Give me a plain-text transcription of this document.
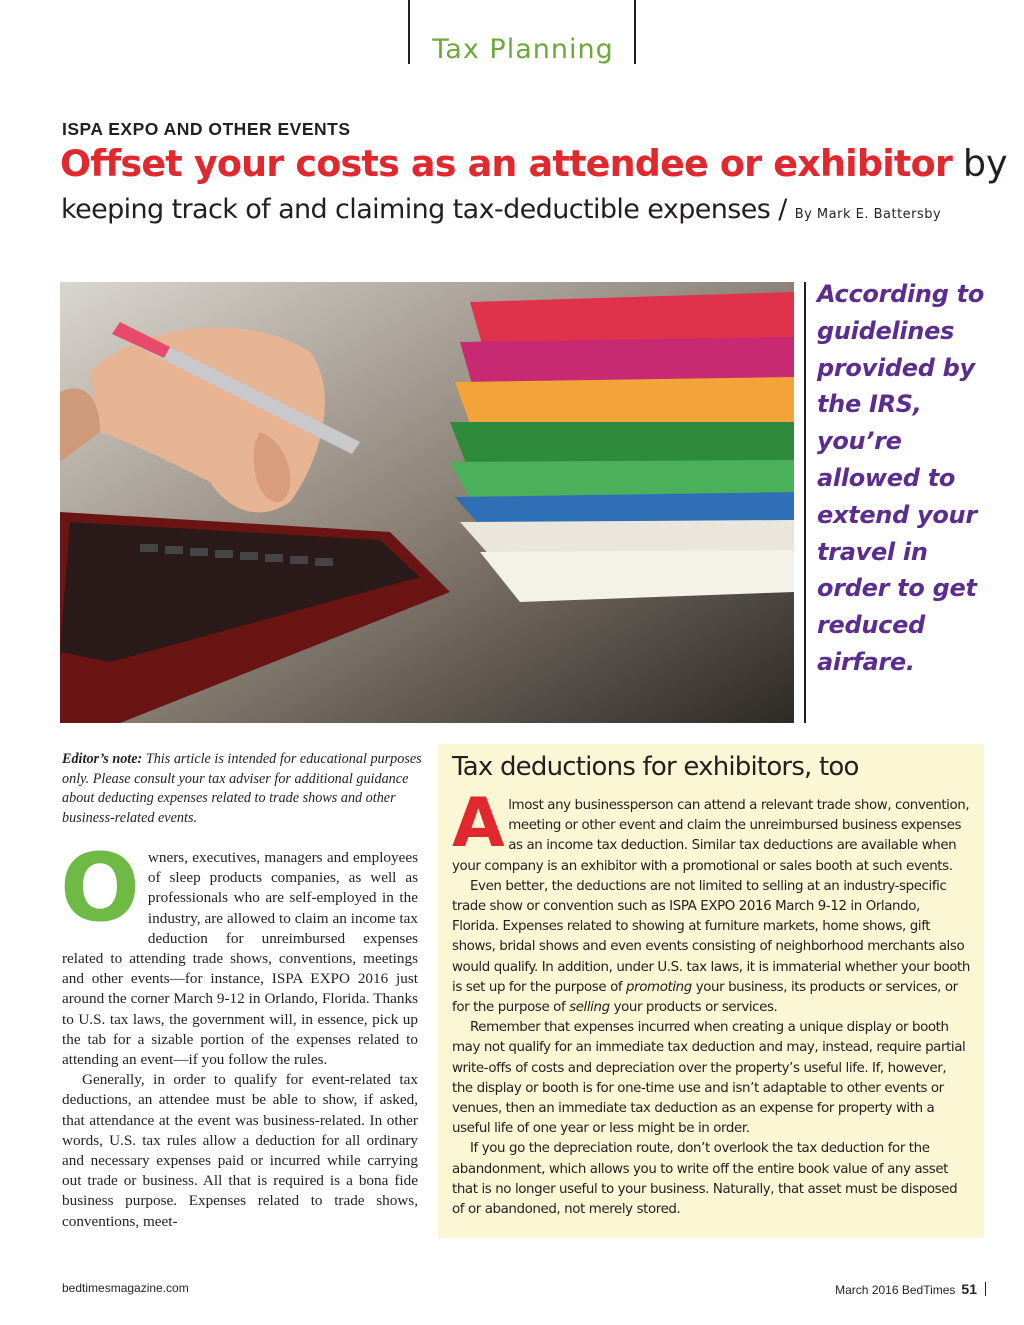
Tax Planning
ISPA EXPO AND OTHER EVENTS
Offset your costs as an attendee or exhibitor by
keeping track of and claiming tax-deductible expenses / By Mark E. Battersby
According to guidelines provided by the IRS, you’re allowed to extend your travel in order to get reduced airfare.
Editor’s note: This article is intended for educational purposes only. Please consult your tax adviser for additional guidance about deducting expenses related to trade shows and other business-related events.

Owners, executives, managers and employees of sleep products companies, as well as professionals who are self-employed in the industry, are allowed to claim an income tax deduction for unreimbursed expenses related to attending trade shows, conventions, meetings and other events—for instance, ISPA EXPO 2016 just around the corner March 9-12 in Orlando, Florida. Thanks to U.S. tax laws, the government will, in essence, pick up the tab for a sizable portion of the expenses related to attending an event—if you follow the rules.

Generally, in order to qualify for event-related tax deductions, an attendee must be able to show, if asked, that attendance at the event was business-related. In other words, U.S. tax rules allow a deduction for all ordinary and necessary expenses paid or incurred while carrying out trade or business. All that is required is a bona fide business purpose. Expenses related to trade shows, conventions, meet-

Tax deductions for exhibitors, too

Almost any businessperson can attend a relevant trade show, convention, meeting or other event and claim the unreimbursed business expenses as an income tax deduction. Similar tax deductions are available when your company is an exhibitor with a promotional or sales booth at such events.

Even better, the deductions are not limited to selling at an industry-specific trade show or convention such as ISPA EXPO 2016 March 9-12 in Orlando, Florida. Expenses related to showing at furniture markets, home shows, gift shows, bridal shows and even events consisting of neighborhood merchants also would qualify. In addition, under U.S. tax laws, it is immaterial whether your booth is set up for the purpose of promoting your business, its products or services, or for the purpose of selling your products or services.

Remember that expenses incurred when creating a unique display or booth may not qualify for an immediate tax deduction and may, instead, require partial write-offs of costs and depreciation over the property’s useful life. If, however, the display or booth is for one-time use and isn’t adaptable to other events or venues, then an immediate tax deduction as an expense for property with a useful life of one year or less might be in order.

If you go the depreciation route, don’t overlook the tax deduction for the abandonment, which allows you to write off the entire book value of any asset that is no longer useful to your business. Naturally, that asset must be disposed of or abandoned, not merely stored.

bedtimesmagazine.com	March 2016 BedTimes 51
